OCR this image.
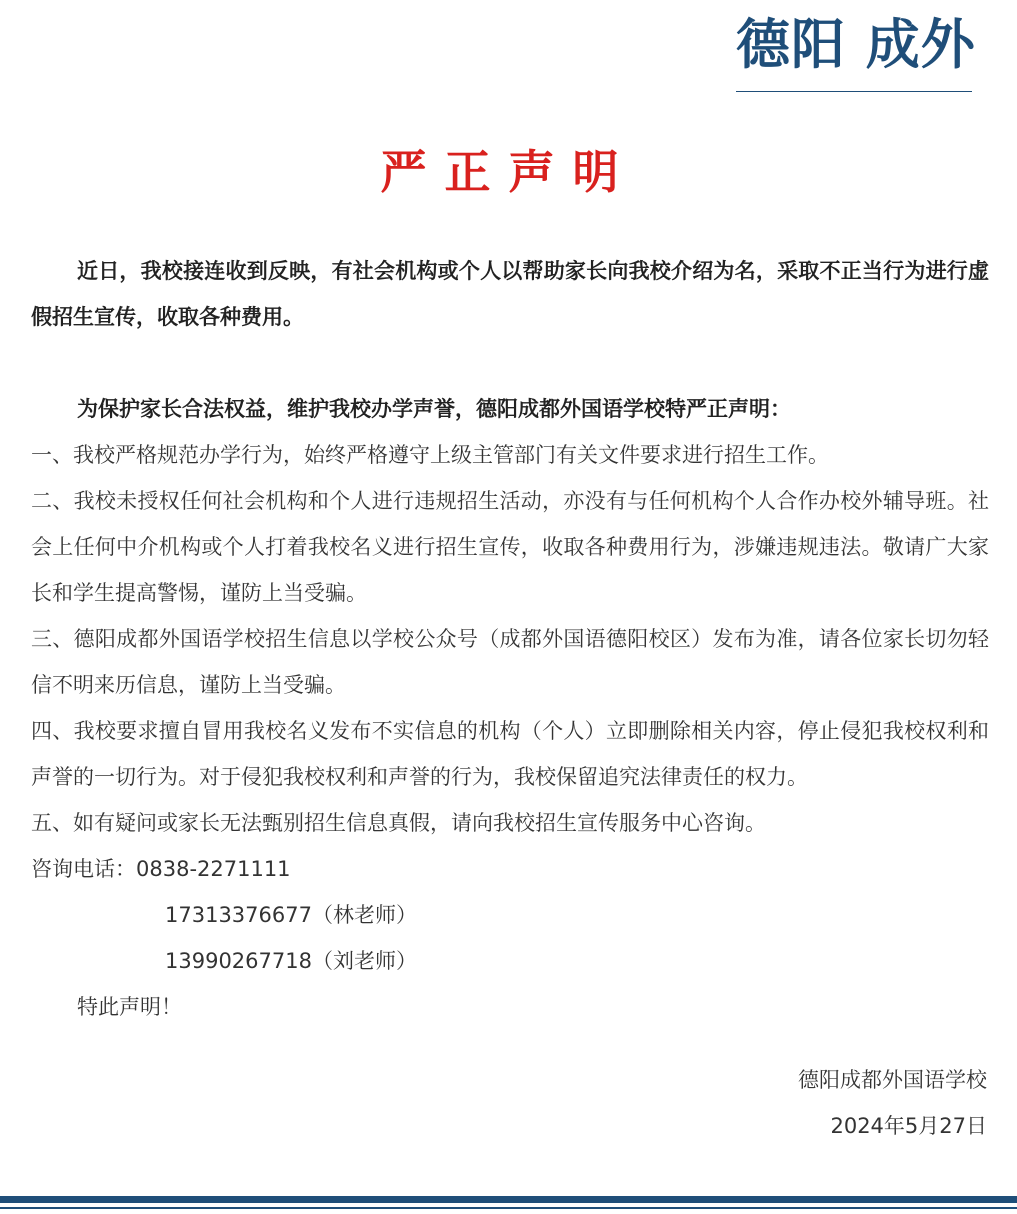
德阳 成外
严正声明

近日，我校接连收到反映，有社会机构或个人以帮助家长向我校介绍为名，采取不正当行为进行虚假招生宣传，收取各种费用。

为保护家长合法权益，维护我校办学声誉，德阳成都外国语学校特严正声明：

一、我校严格规范办学行为，始终严格遵守上级主管部门有关文件要求进行招生工作。

二、我校未授权任何社会机构和个人进行违规招生活动，亦没有与任何机构个人合作办校外辅导班。社会上任何中介机构或个人打着我校名义进行招生宣传，收取各种费用行为，涉嫌违规违法。敬请广大家长和学生提高警惕，谨防上当受骗。

三、德阳成都外国语学校招生信息以学校公众号（成都外国语德阳校区）发布为准，请各位家长切勿轻信不明来历信息，谨防上当受骗。

四、我校要求擅自冒用我校名义发布不实信息的机构（个人）立即删除相关内容，停止侵犯我校权利和声誉的一切行为。对于侵犯我校权利和声誉的行为，我校保留追究法律责任的权力。

五、如有疑问或家长无法甄别招生信息真假，请向我校招生宣传服务中心咨询。

咨询电话：0838-2271111

17313376677（林老师）

13990267718（刘老师）

特此声明！

德阳成都外国语学校
2024年5月27日
